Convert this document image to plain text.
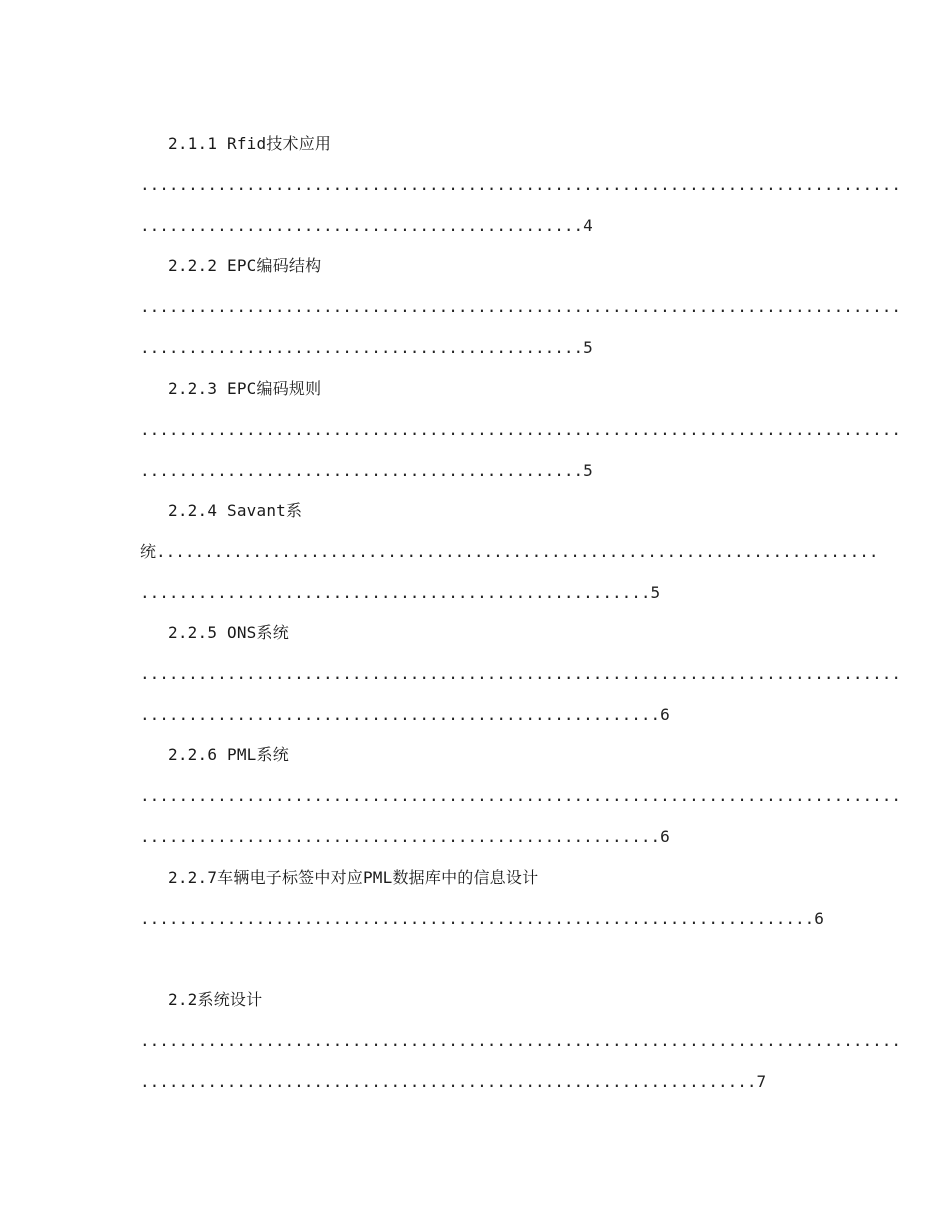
2.1.1 Rfid技术应用
...............................................................................
..............................................4
2.2.2 EPC编码结构
...............................................................................
..............................................5
2.2.3 EPC编码规则
...............................................................................
..............................................5
2.2.4 Savant系
统...........................................................................
.....................................................5
2.2.5 ONS系统
...............................................................................
......................................................6
2.2.6 PML系统
...............................................................................
......................................................6
2.2.7车辆电子标签中对应PML数据库中的信息设计
......................................................................6
2.2系统设计
...............................................................................
................................................................7
